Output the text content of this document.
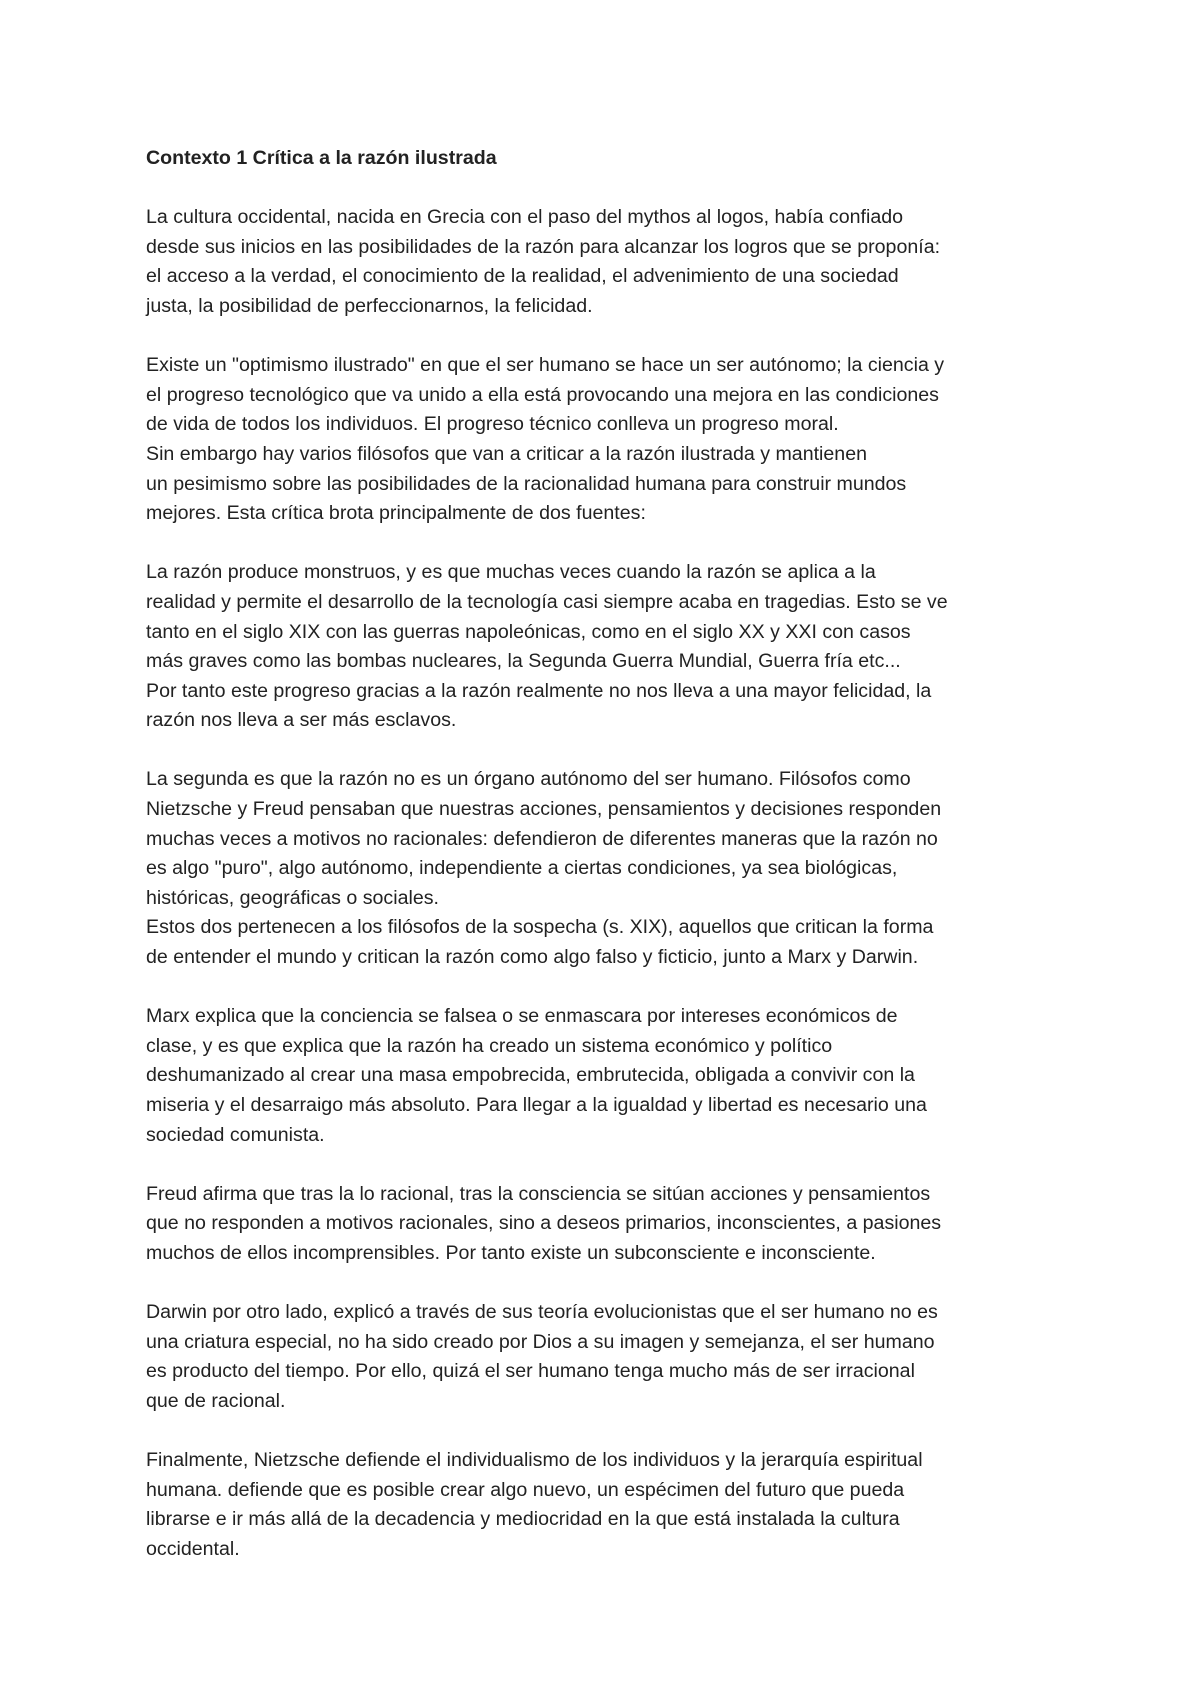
Contexto 1 Crítica a la razón ilustrada
La cultura occidental, nacida en Grecia con el paso del mythos al logos, había confiado
desde sus inicios en las posibilidades de la razón para alcanzar los logros que se proponía:
el acceso a la verdad, el conocimiento de la realidad, el advenimiento de una sociedad
justa, la posibilidad de perfeccionarnos, la felicidad.
Existe un "optimismo ilustrado" en que el ser humano se hace un ser autónomo; la ciencia y
el progreso tecnológico que va unido a ella está provocando una mejora en las condiciones
de vida de todos los individuos. El progreso técnico conlleva un progreso moral.
Sin embargo hay varios filósofos que van a criticar a la razón ilustrada y mantienen
un pesimismo sobre las posibilidades de la racionalidad humana para construir mundos
mejores. Esta crítica brota principalmente de dos fuentes:
La razón produce monstruos, y es que muchas veces cuando la razón se aplica a la
realidad y permite el desarrollo de la tecnología casi siempre acaba en tragedias. Esto se ve
tanto en el siglo XIX con las guerras napoleónicas, como en el siglo XX y XXI con casos
más graves como las bombas nucleares, la Segunda Guerra Mundial, Guerra fría etc...
Por tanto este progreso gracias a la razón realmente no nos lleva a una mayor felicidad, la
razón nos lleva a ser más esclavos.
La segunda es que la razón no es un órgano autónomo del ser humano. Filósofos como
Nietzsche y Freud pensaban que nuestras acciones, pensamientos y decisiones responden
muchas veces a motivos no racionales: defendieron de diferentes maneras que la razón no
es algo "puro", algo autónomo, independiente a ciertas condiciones, ya sea biológicas,
históricas, geográficas o sociales.
Estos dos pertenecen a los filósofos de la sospecha (s. XIX), aquellos que critican la forma
de entender el mundo y critican la razón como algo falso y ficticio, junto a Marx y Darwin.
Marx explica que la conciencia se falsea o se enmascara por intereses económicos de
clase, y es que explica que la razón ha creado un sistema económico y político
deshumanizado al crear una masa empobrecida, embrutecida, obligada a convivir con la
miseria y el desarraigo más absoluto. Para llegar a la igualdad y libertad es necesario una
sociedad comunista.
Freud afirma que tras la lo racional, tras la consciencia se sitúan acciones y pensamientos
que no responden a motivos racionales, sino a deseos primarios, inconscientes, a pasiones
muchos de ellos incomprensibles. Por tanto existe un subconsciente e inconsciente.
Darwin por otro lado, explicó a través de sus teoría evolucionistas que el ser humano no es
una criatura especial, no ha sido creado por Dios a su imagen y semejanza, el ser humano
es producto del tiempo. Por ello, quizá el ser humano tenga mucho más de ser irracional
que de racional.
Finalmente, Nietzsche defiende el individualismo de los individuos y la jerarquía espiritual
humana. defiende que es posible crear algo nuevo, un espécimen del futuro que pueda
librarse e ir más allá de la decadencia y mediocridad en la que está instalada la cultura
occidental.
